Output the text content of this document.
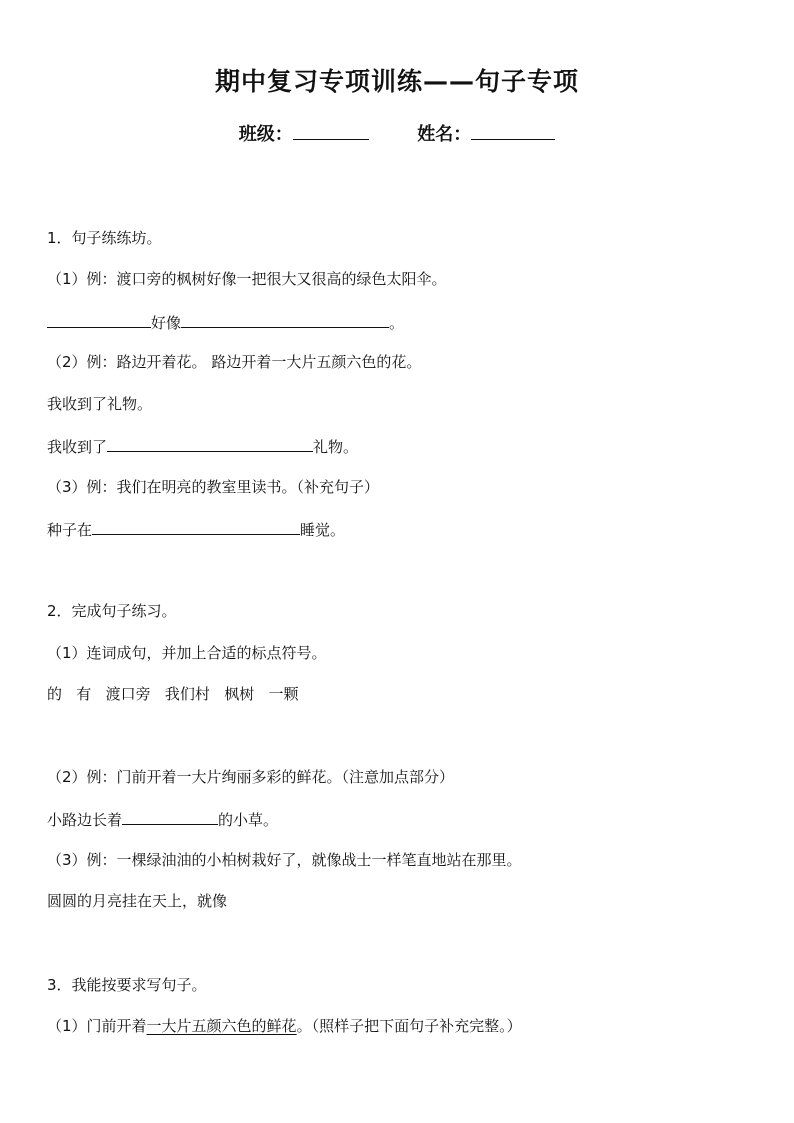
期中复习专项训练——句子专项
班级：	姓名：
1．句子练练坊。
（1）例：渡口旁的枫树好像一把很大又很高的绿色太阳伞。
好像	。
（2）例：路边开着花。 路边开着一大片五颜六色的花。
我收到了礼物。
我收到了	礼物。
（3）例：我们在明亮的教室里读书。（补充句子）
种子在	睡觉。
2．完成句子练习。
（1）连词成句，并加上合适的标点符号。
的   有   渡口旁   我们村   枫树   一颗
（2）例：门前开着一大片绚丽多彩的鲜花。（注意加点部分）
小路边长着	的小草。
（3）例：一棵绿油油的小柏树栽好了，就像战士一样笔直地站在那里。
圆圆的月亮挂在天上，就像
3．我能按要求写句子。
（1）门前开着一大片五颜六色的鲜花。（照样子把下面句子补充完整。）
